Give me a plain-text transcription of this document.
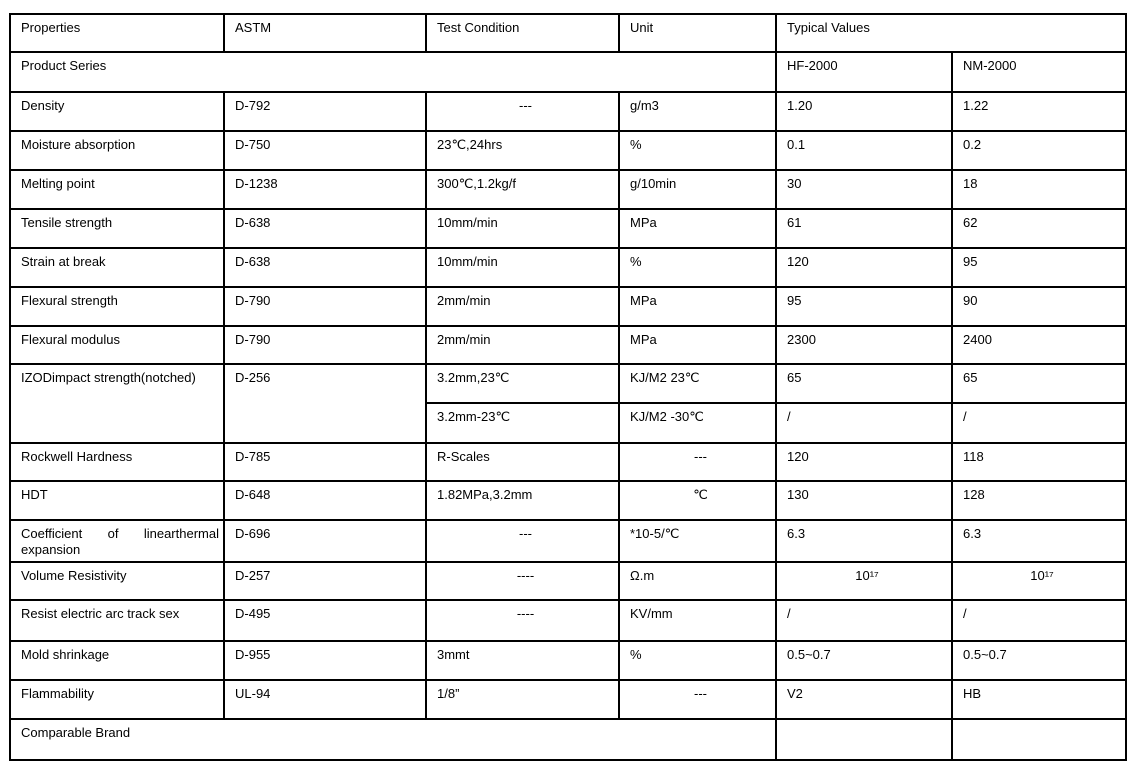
Properties	ASTM	Test Condition	Unit	Typical Values	
Product Series				HF-2000	NM-2000
Density	D-792	---	g/m3	1.20	1.22
Moisture absorption	D-750	23℃,24hrs	%	0.1	0.2
Melting point	D-1238	300℃,1.2kg/f	g/10min	30	18
Tensile strength	D-638	10mm/min	MPa	61	62
Strain at break	D-638	10mm/min	%	120	95
Flexural strength	D-790	2mm/min	MPa	95	90
Flexural modulus	D-790	2mm/min	MPa	2300	2400
IZODimpact strength(notched)	D-256	3.2mm,23℃	KJ/M2 23℃	65	65
		3.2mm-23℃	KJ/M2 -30℃	/	/
Rockwell Hardness	D-785	R-Scales	---	120	118
HDT	D-648	1.82MPa,3.2mm	℃	130	128
Coefficient of linearthermal expansion	D-696	---	*10-5/℃	6.3	6.3
Volume Resistivity	D-257	----	Ω.m	10¹⁷	10¹⁷
Resist electric arc track sex	D-495	----	KV/mm	/	/
Mold shrinkage	D-955	3mmt	%	0.5~0.7	0.5~0.7
Flammability	UL-94	1/8”	---	V2	HB
Comparable Brand					
